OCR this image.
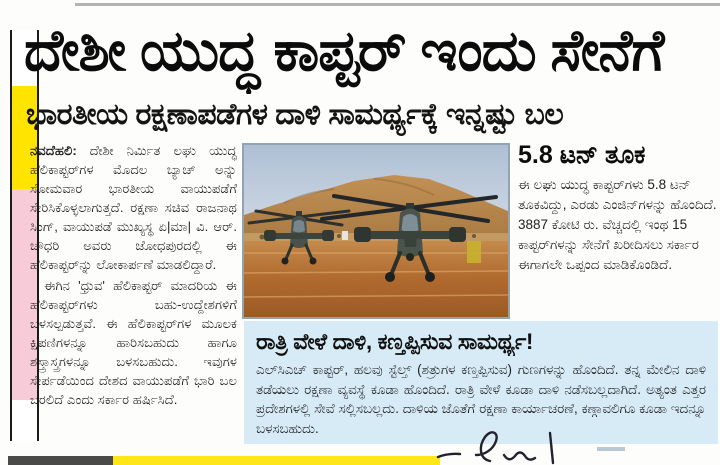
ದೇಶೀ ಯುದ್ಧ ಕಾಪ್ಟರ್ ಇಂದು ಸೇನೆಗೆ
ಭಾರತೀಯ ರಕ್ಷಣಾಪಡೆಗಳ ದಾಳಿ ಸಾಮರ್ಥ್ಯಕ್ಕೆ ಇನ್ನಷ್ಟು ಬಲ

ನವದೆಹಲಿ: ದೇಶೀ ನಿರ್ಮಿತ ಲಘು ಯುದ್ಧ ಹೆಲಿಕಾಪ್ಟರ್‌ಗಳ ಮೊದಲ ಬ್ಯಾಚ್ ಅನ್ನು ಸೋಮವಾರ ಭಾರತೀಯ ವಾಯುಪಡೆಗೆ ಸೇರಿಸಿಕೊಳ್ಳಲಾಗುತ್ತದೆ. ರಕ್ಷಣಾ ಸಚಿವ ರಾಜನಾಥ ಸಿಂಗ್, ವಾಯುಪಡೆ ಮುಖ್ಯಸ್ಥ ಏ|ಮಾ| ವಿ. ಆರ್. ಚೌಧರಿ ಅವರು ಜೋಧಪುರದಲ್ಲಿ ಈ ಹೆಲಿಕಾಪ್ಟರ್‌ನ್ನು ಲೋಕಾರ್ಪಣೆ ಮಾಡಲಿದ್ದಾರೆ.

ಈಗಿನ 'ಧ್ರುವ' ಹೆಲಿಕಾಪ್ಟರ್ ಮಾದರಿಯ ಈ ಹೆಲಿಕಾಪ್ಟರ್‌ಗಳು ಬಹು-ಉದ್ದೇಶಗಳಿಗೆ ಬಳಸಲ್ಪಡುತ್ತವೆ. ಈ ಹೆಲಿಕಾಪ್ಟರ್‌ಗಳ ಮೂಲಕ ಕ್ಷಿಪಣಿಗಳನ್ನೂ ಹಾರಿಸಬಹುದು ಹಾಗೂ ಶಸ್ತ್ರಾಸ್ತ್ರಗಳನ್ನೂ ಬಳಸಬಹುದು. ಇವುಗಳ ಸೇರ್ಪಡೆಯಿಂದ ದೇಶದ ವಾಯುಪಡೆಗೆ ಭಾರಿ ಬಲ ಬರಲಿದೆ ಎಂದು ಸರ್ಕಾರ ಹರ್ಷಿಸಿದೆ.

5.8 ಟನ್ ತೂಕ
ಈ ಲಘು ಯುದ್ಧ ಕಾಪ್ಟರ್‌ಗಳು 5.8 ಟನ್ ತೂಕವಿದ್ದು, ಎರಡು ಎಂಜಿನ್‌ಗಳನ್ನು ಹೊಂದಿದೆ. 3887 ಕೋಟಿ ರು. ವೆಚ್ಚದಲ್ಲಿ ಇಂಥ 15 ಕಾಪ್ಟರ್‌ಗಳನ್ನು ಸೇನೆಗೆ ಖರೀದಿಸಲು ಸರ್ಕಾರ ಈಗಾಗಲೇ ಒಪ್ಪಂದ ಮಾಡಿಕೊಂಡಿದೆ.
ರಾತ್ರಿ ವೇಳೆ ದಾಳಿ, ಕಣ್ತಪ್ಪಿಸುವ ಸಾಮರ್ಥ್ಯ!
ಎಲ್‌ಸಿಎಚ್ ಕಾಪ್ಟರ್, ಹಲವು ಸ್ಟೆಲ್ತ್ (ಶತ್ರುಗಳ ಕಣ್ತಪ್ಪಿಸುವ) ಗುಣಗಳನ್ನು ಹೊಂದಿದೆ. ತನ್ನ ಮೇಲಿನ ದಾಳಿ ತಡೆಯಲು ರಕ್ಷಣಾ ವ್ಯವಸ್ಥೆ ಕೂಡಾ ಹೊಂದಿದೆ. ರಾತ್ರಿ ವೇಳೆ ಕೂಡಾ ದಾಳಿ ನಡೆಸಬಲ್ಲದಾಗಿದೆ. ಅತ್ಯಂತ ಎತ್ತರ ಪ್ರದೇಶಗಳಲ್ಲಿ ಸೇವೆ ಸಲ್ಲಿಸಬಲ್ಲದು. ದಾಳಿಯ ಜೊತೆಗೆ ರಕ್ಷಣಾ ಕಾರ್ಯಾಚರಣೆ, ಕಣ್ಗಾವಲಿಗೂ ಕೂಡಾ ಇದನ್ನೂ ಬಳಸಬಹುದು.
